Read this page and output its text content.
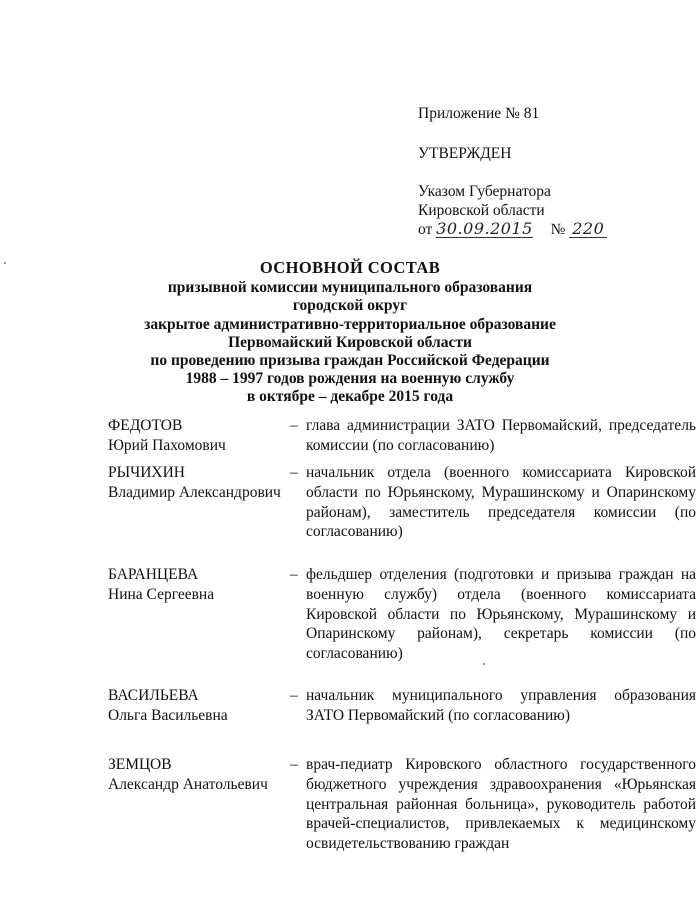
Приложение № 81
УТВЕРЖДЕН
Указом Губернатора
Кировской области
от 30.09.2015 № 220
ОСНОВНОЙ СОСТАВ
призывной комиссии муниципального образования
городской округ
закрытое административно-территориальное образование
Первомайский Кировской области
по проведению призыва граждан Российской Федерации
1988 – 1997 годов рождения на военную службу
в октябре – декабре 2015 года
ФЕДОТОВ
Юрий Пахомович
– глава администрации ЗАТО Первомайский, председатель комиссии (по согласованию)
РЫЧИХИН
Владимир Александрович
– начальник отдела (военного комиссариата Кировской области по Юрьянскому, Мурашинскому и Опаринскому районам), заместитель председателя комиссии (по согласованию)
БАРАНЦЕВА
Нина Сергеевна
– фельдшер отделения (подготовки и призыва граждан на военную службу) отдела (военного комиссариата Кировской области по Юрьянскому, Мурашинскому и Опаринскому районам), секретарь комиссии (по согласованию)
ВАСИЛЬЕВА
Ольга Васильевна
– начальник муниципального управления образования ЗАТО Первомайский (по согласованию)
ЗЕМЦОВ
Александр Анатольевич
– врач-педиатр Кировского областного государственного бюджетного учреждения здравоохранения «Юрьянская центральная районная больница», руководитель работой врачей-специалистов, привлекаемых к медицинскому освидетельствованию граждан
